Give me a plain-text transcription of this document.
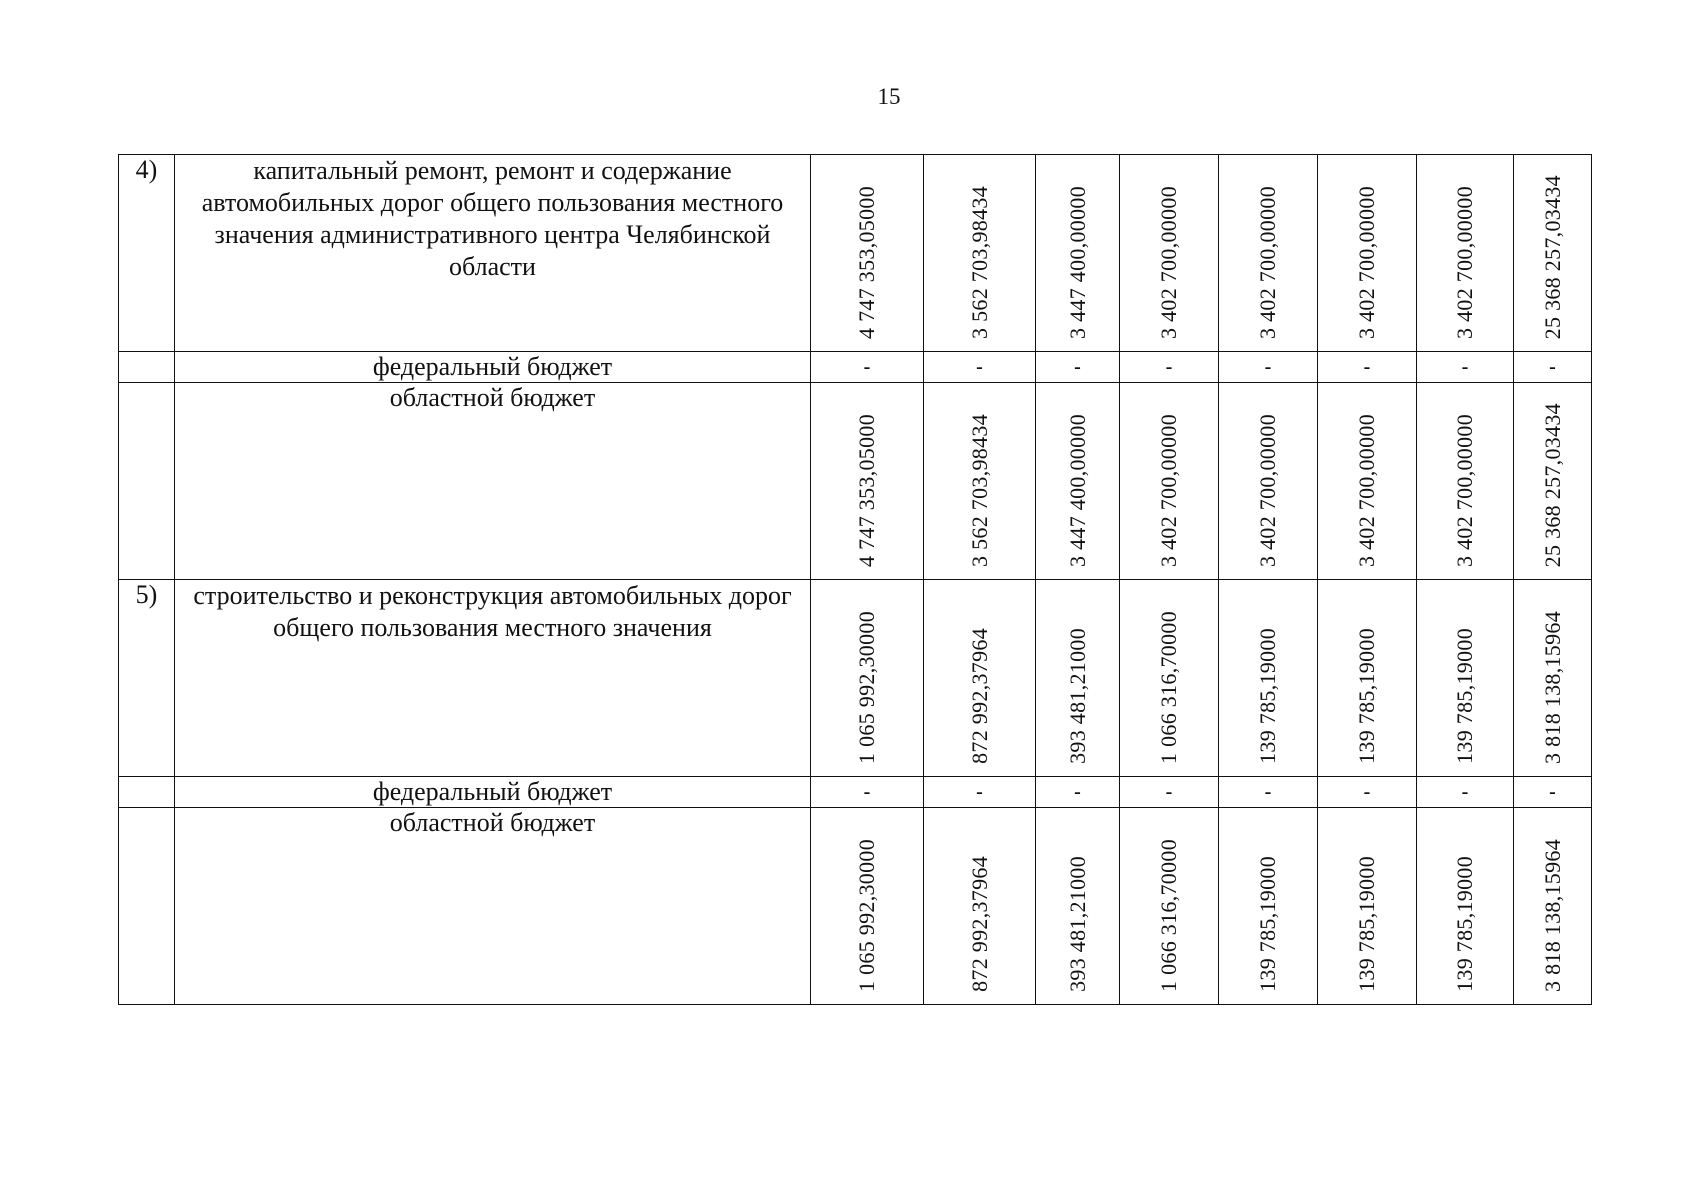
15
4)	капитальный ремонт, ремонт и содержание автомобильных дорог общего пользования местного значения административного центра Челябинской области	4 747 353,05000	3 562 703,98434	3 447 400,00000	3 402 700,00000	3 402 700,00000	3 402 700,00000	3 402 700,00000	25 368 257,03434

	федеральный бюджет	-	-	-	-	-	-	-	-
	областной бюджет	4 747 353,05000	3 562 703,98434	3 447 400,00000	3 402 700,00000	3 402 700,00000	3 402 700,00000	3 402 700,00000	25 368 257,03434

5)	строительство и реконструкция автомобильных дорог общего пользования местного значения	1 065 992,30000	872 992,37964	393 481,21000	1 066 316,70000	139 785,19000	139 785,19000	139 785,19000	3 818 138,15964

	федеральный бюджет	-	-	-	-	-	-	-	-
	областной бюджет	1 065 992,30000	872 992,37964	393 481,21000	1 066 316,70000	139 785,19000	139 785,19000	139 785,19000	3 818 138,15964
